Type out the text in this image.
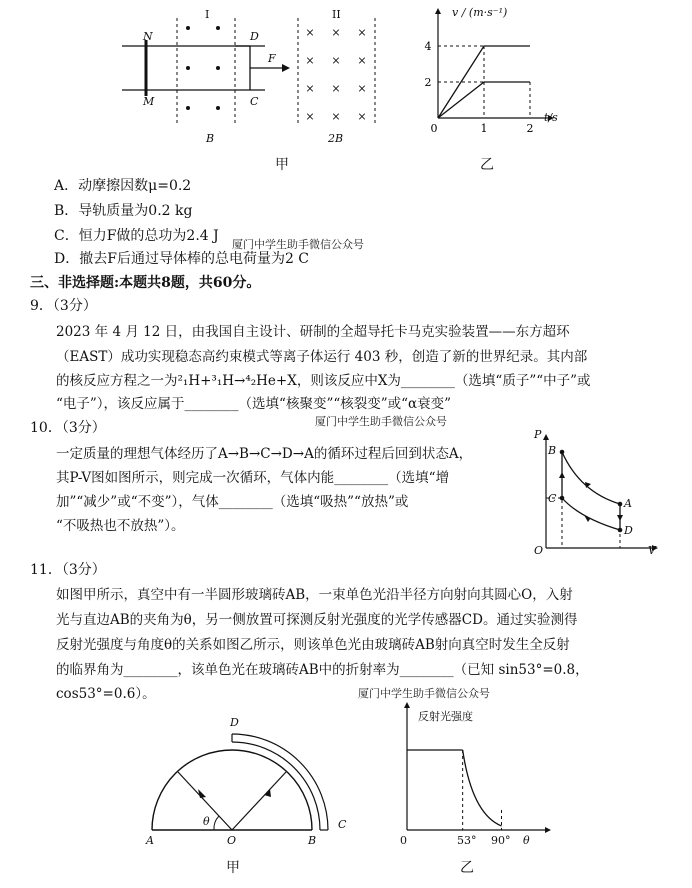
× × ×
× × ×
× × ×
× × ×
I	II
N
M
D
C
F
B	2B
甲
4
2
0	1	2
v / (m·s⁻¹)
t/s
乙
A．动摩擦因数μ=0.2
B．导轨质量为0.2 kg
C．恒力F做的总功为2.4 J
厦门中学生助手微信公众号
D．撤去F后通过导体棒的总电荷量为2 C
三、非选择题:本题共8题，共60分。
9．（3分）
2023 年 4 月 12 日，由我国自主设计、研制的全超导托卡马克实验装置——东方超环
（EAST）成功实现稳态高约束模式等离子体运行 403 秒，创造了新的世界纪录。其内部
的核反应方程之一为²₁H+³₁H→⁴₂He+X，则该反应中X为________（选填“质子”“中子”或
“电子”），该反应属于________（选填“核聚变”“核裂变”或“α衰变”
厦门中学生助手微信公众号
10．（3分）
一定质量的理想气体经历了A→B→C→D→A的循环过程后回到状态A，
其P-V图如图所示，则完成一次循环，气体内能________（选填“增
加”“减少”或“不变”），气体________（选填“吸热”“放热”或
“不吸热也不放热”）。
P
V
O
B
C	A
D
11．（3分）
如图甲所示，真空中有一半圆形玻璃砖AB，一束单色光沿半径方向射向其圆心O，入射
光与直边AB的夹角为θ，另一侧放置可探测反射光强度的光学传感器CD。通过实验测得
反射光强度与角度θ的关系如图乙所示，则该单色光由玻璃砖AB射向真空时发生全反射
的临界角为________，该单色光在玻璃砖AB中的折射率为________（已知 sin53°=0.8，
cos53°=0.6）。	厦门中学生助手微信公众号
A	O	B
C
D
θ
甲
反射光强度
0	53° 90° θ
乙
